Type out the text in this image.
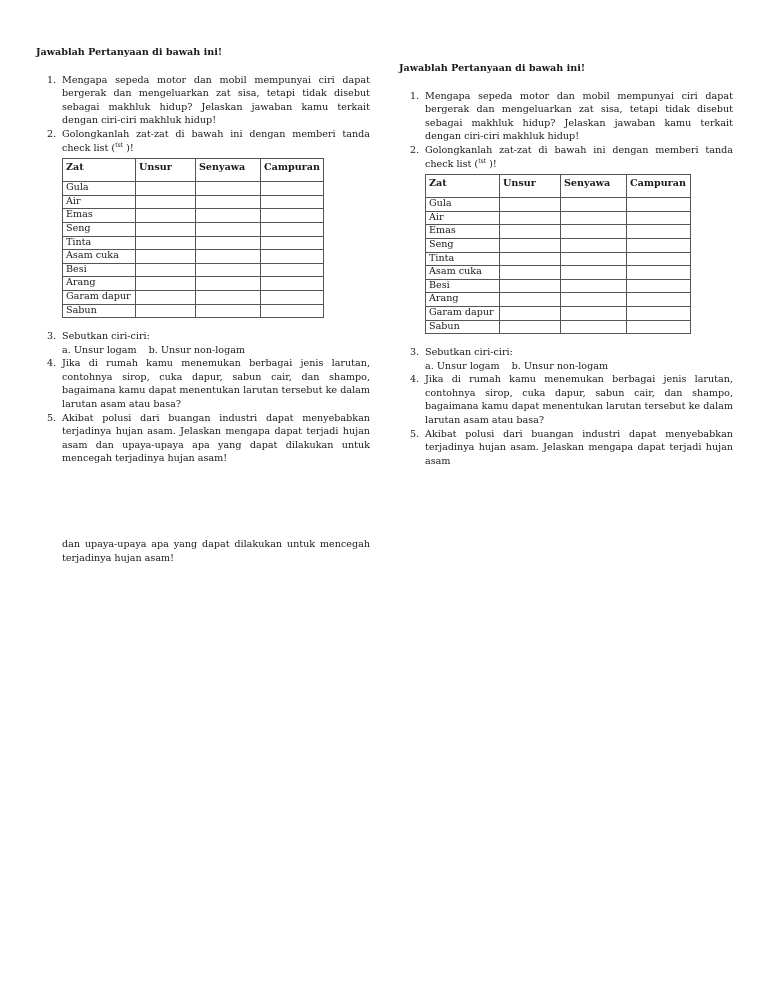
Jawablah Pertanyaan di bawah ini!
1. Mengapa sepeda motor dan mobil mempunyai ciri dapat bergerak dan mengeluarkan zat sisa, tetapi tidak disebut sebagai makhluk hidup? Jelaskan jawaban kamu terkait dengan ciri-ciri makhluk hidup!
2. Golongkanlah zat-zat di bawah ini dengan memberi tanda check list ($^{tst}$ )!
Zat	Unsur	Senyawa	Campuran
Gula			
Air			
Emas			
Seng			
Tinta			
Asam cuka			
Besi			
Arang			
Garam dapur			
Sabun			
3. Sebutkan ciri-ciri:
a. Unsur logam b. Unsur non-logam
4. Jika di rumah kamu menemukan berbagai jenis larutan, contohnya sirop, cuka dapur, sabun cair, dan shampo, bagaimana kamu dapat menentukan larutan tersebut ke dalam larutan asam atau basa?
5. Akibat polusi dari buangan industri dapat menyebabkan terjadinya hujan asam. Jelaskan mengapa dapat terjadi hujan asam dan upaya-upaya apa yang dapat dilakukan untuk mencegah terjadinya hujan asam!
dan upaya-upaya apa yang dapat dilakukan untuk mencegah terjadinya hujan asam!
Jawablah Pertanyaan di bawah ini!
1. Mengapa sepeda motor dan mobil mempunyai ciri dapat bergerak dan mengeluarkan zat sisa, tetapi tidak disebut sebagai makhluk hidup? Jelaskan jawaban kamu terkait dengan ciri-ciri makhluk hidup!
2. Golongkanlah zat-zat di bawah ini dengan memberi tanda check list ($^{tst}$ )!
Zat	Unsur	Senyawa	Campuran
Gula			
Air			
Emas			
Seng			
Tinta			
Asam cuka			
Besi			
Arang			
Garam dapur			
Sabun			
3. Sebutkan ciri-ciri:
a. Unsur logam b. Unsur non-logam
4. Jika di rumah kamu menemukan berbagai jenis larutan, contohnya sirop, cuka dapur, sabun cair, dan shampo, bagaimana kamu dapat menentukan larutan tersebut ke dalam larutan asam atau basa?
5. Akibat polusi dari buangan industri dapat menyebabkan terjadinya hujan asam. Jelaskan mengapa dapat terjadi hujan asam
